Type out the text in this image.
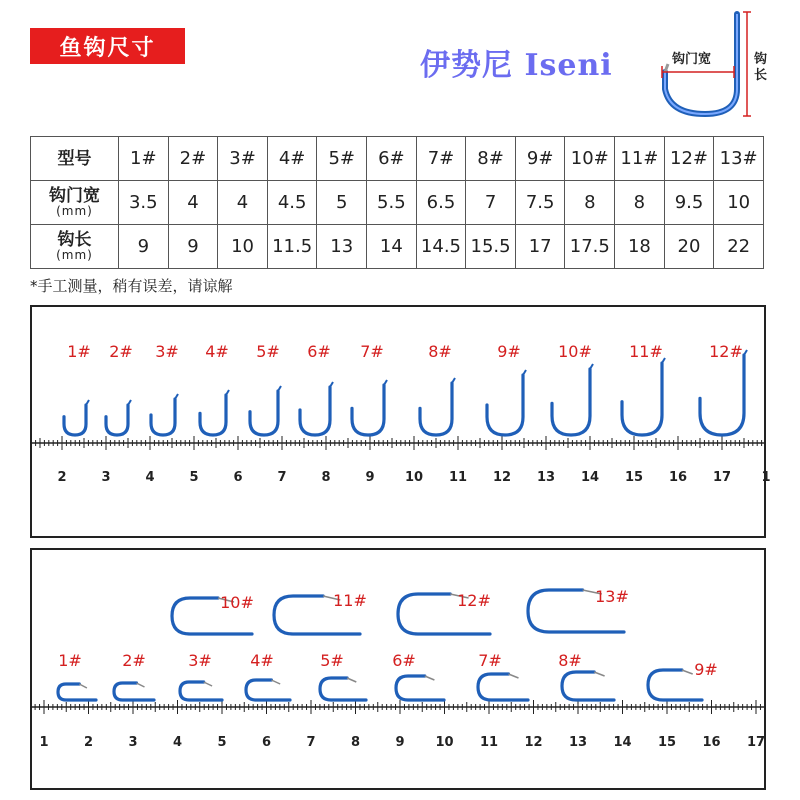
鱼钩尺寸	伊势尼 Iseni	钩门宽	钩长
型号	1#	2#	3#	4#	5#	6#	7#	8#	9#	10#	11#	12#	13#
钩门宽
(mm)	3.5	4	4	4.5	5	5.5	6.5	7	7.5	8	8	9.5	10
钩长
(mm)	9	9	10	11.5	13	14	14.5	15.5	17	17.5	18	20	22
*手工测量，稍有误差，请谅解
2	3	4	5	6	7	8	9 10 11 12 13 14 15 16 17 1
1# 2# 3# 4# 5# 6# 7#	8#	9# 10# 11#	12#
1	2	3	4	5	6	7	8	9 10 11 12 13 14 15 16 17
10#	11#	12#	13#
1#	2#	3# 4#	5#	6#	7#	8#	9#
